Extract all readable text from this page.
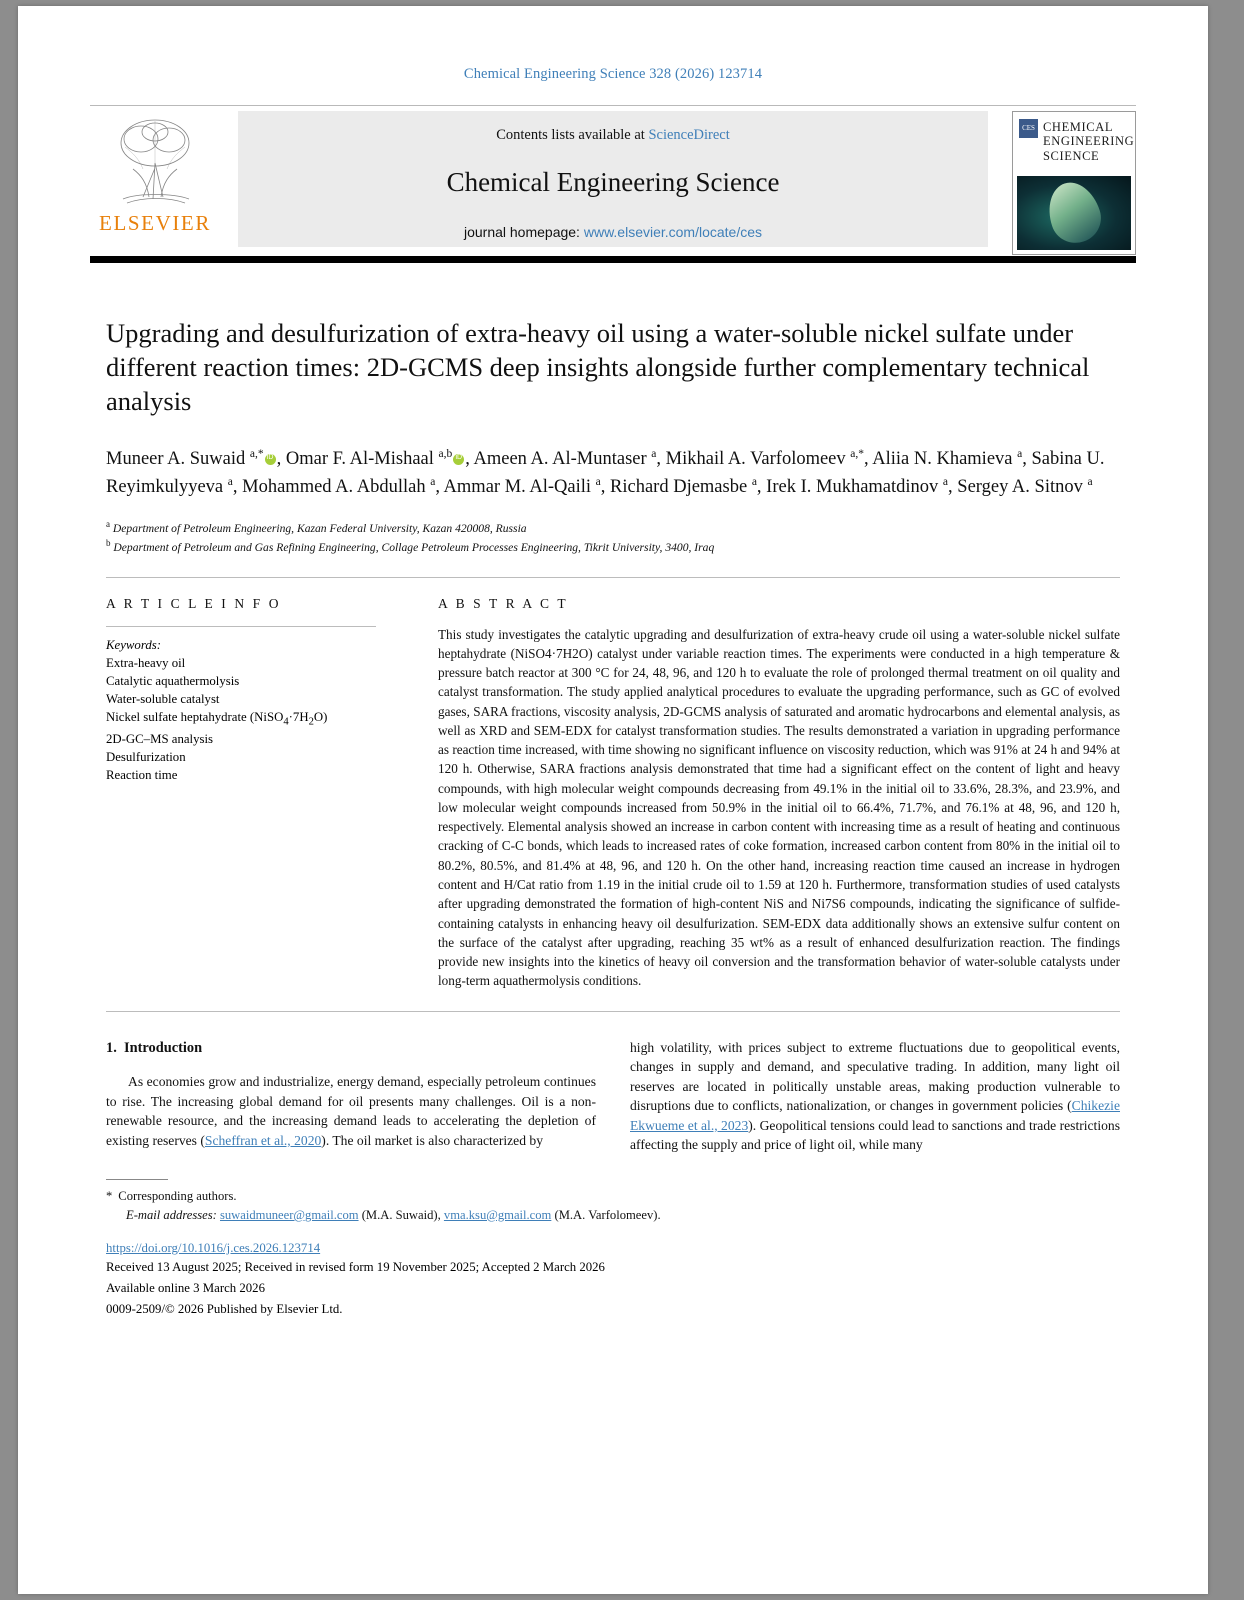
Chemical Engineering Science 328 (2026) 123714
ELSEVIER
Contents lists available at ScienceDirect
Chemical Engineering Science
journal homepage: www.elsevier.com/locate/ces
CES CHEMICAL
ENGINEERING
SCIENCE
Upgrading and desulfurization of extra-heavy oil using a water-soluble nickel sulfate under different reaction times: 2D-GCMS deep insights alongside further complementary technical analysis
Muneer A. Suwaid $^{a,*}$ iD , Omar F. Al-Mishaal $^{a,b}$ iD , Ameen A. Al-Muntaser $^a$, Mikhail A. Varfolomeev $^{a,*}$, Aliia N. Khamieva $^a$, Sabina U. Reyimkulyyeva $^a$, Mohammed A. Abdullah $^a$, Ammar M. Al-Qaili $^a$, Richard Djemasbe $^a$, Irek I. Mukhamatdinov $^a$, Sergey A. Sitnov $^a$
$^a$ Department of Petroleum Engineering, Kazan Federal University, Kazan 420008, Russia
$^b$ Department of Petroleum and Gas Refining Engineering, Collage Petroleum Processes Engineering, Tikrit University, 3400, Iraq
A R T I C L E I N F O
Keywords:
Extra-heavy oil
Catalytic aquathermolysis
Water-soluble catalyst
Nickel sulfate heptahydrate $(NiSO_4\cdot 7H_2O)$
2D-GC–MS analysis
Desulfurization
Reaction time
A B S T R A C T
This study investigates the catalytic upgrading and desulfurization of extra-heavy crude oil using a water-soluble nickel sulfate heptahydrate (NiSO4·7H2O) catalyst under variable reaction times. The experiments were conducted in a high temperature & pressure batch reactor at 300 °C for 24, 48, 96, and 120 h to evaluate the role of prolonged thermal treatment on oil quality and catalyst transformation. The study applied analytical procedures to evaluate the upgrading performance, such as GC of evolved gases, SARA fractions, viscosity analysis, 2D-GCMS analysis of saturated and aromatic hydrocarbons and elemental analysis, as well as XRD and SEM-EDX for catalyst transformation studies. The results demonstrated a variation in upgrading performance as reaction time increased, with time showing no significant influence on viscosity reduction, which was 91% at 24 h and 94% at 120 h. Otherwise, SARA fractions analysis demonstrated that time had a significant effect on the content of light and heavy compounds, with high molecular weight compounds decreasing from 49.1% in the initial oil to 33.6%, 28.3%, and 23.9%, and low molecular weight compounds increased from 50.9% in the initial oil to 66.4%, 71.7%, and 76.1% at 48, 96, and 120 h, respectively. Elemental analysis showed an increase in carbon content with increasing time as a result of heating and continuous cracking of C-C bonds, which leads to increased rates of coke formation, increased carbon content from 80% in the initial oil to 80.2%, 80.5%, and 81.4% at 48, 96, and 120 h. On the other hand, increasing reaction time caused an increase in hydrogen content and H/Cat ratio from 1.19 in the initial crude oil to 1.59 at 120 h. Furthermore, transformation studies of used catalysts after upgrading demonstrated the formation of high-content NiS and Ni7S6 compounds, indicating the significance of sulfide-containing catalysts in enhancing heavy oil desulfurization. SEM-EDX data additionally shows an extensive sulfur content on the surface of the catalyst after upgrading, reaching 35 wt% as a result of enhanced desulfurization reaction. The findings provide new insights into the kinetics of heavy oil conversion and the transformation behavior of water-soluble catalysts under long-term aquathermolysis conditions.
1. Introduction

As economies grow and industrialize, energy demand, especially petroleum continues to rise. The increasing global demand for oil presents many challenges. Oil is a non-renewable resource, and the increasing demand leads to accelerating the depletion of existing reserves (Scheffran et al., 2020). The oil market is also characterized by

high volatility, with prices subject to extreme fluctuations due to geopolitical events, changes in supply and demand, and speculative trading. In addition, many light oil reserves are located in politically unstable areas, making production vulnerable to disruptions due to conflicts, nationalization, or changes in government policies (Chikezie Ekwueme et al., 2023). Geopolitical tensions could lead to sanctions and trade restrictions affecting the supply and price of light oil, while many

* Corresponding authors.
E-mail addresses: suwaidmuneer@gmail.com (M.A. Suwaid), vma.ksu@gmail.com (M.A. Varfolomeev).
https://doi.org/10.1016/j.ces.2026.123714
Received 13 August 2025; Received in revised form 19 November 2025; Accepted 2 March 2026
Available online 3 March 2026
0009-2509/© 2026 Published by Elsevier Ltd.
